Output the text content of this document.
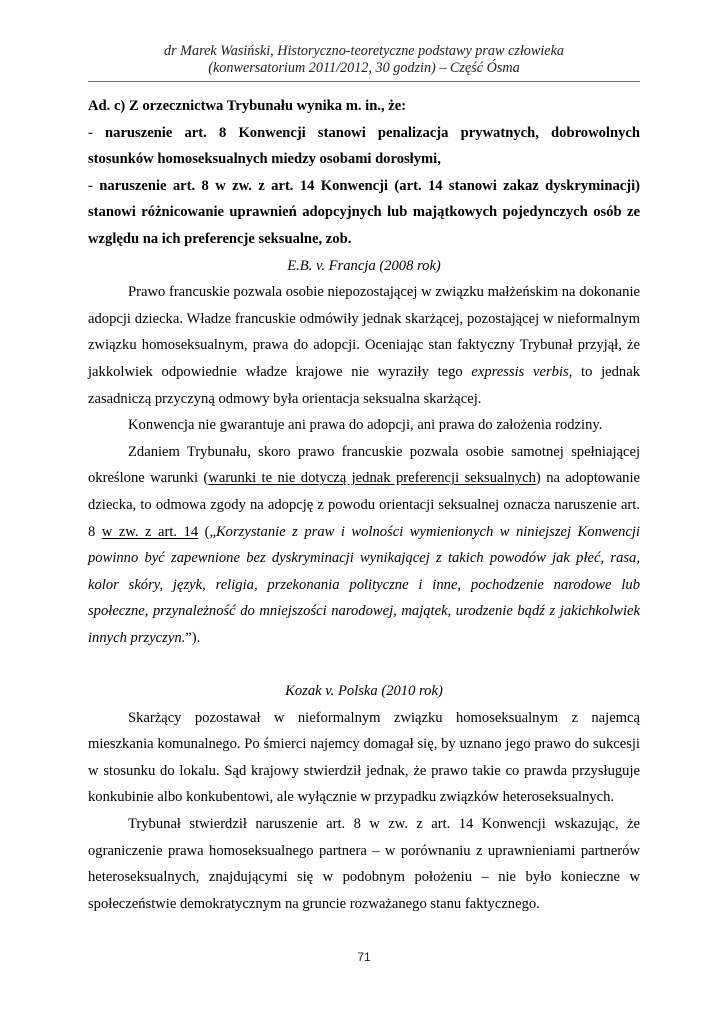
dr Marek Wasiński, Historyczno-teoretyczne podstawy praw człowieka
(konwersatorium 2011/2012, 30 godzin) – Część Ósma

Ad. c) Z orzecznictwa Trybunału wynika m. in., że:

- naruszenie art. 8 Konwencji stanowi penalizacja prywatnych, dobrowolnych stosunków homoseksualnych miedzy osobami dorosłymi,

- naruszenie art. 8 w zw. z art. 14 Konwencji (art. 14 stanowi zakaz dyskryminacji) stanowi różnicowanie uprawnień adopcyjnych lub majątkowych pojedynczych osób ze względu na ich preferencje seksualne, zob.

E.B. v. Francja (2008 rok)

Prawo francuskie pozwala osobie niepozostającej w związku małżeńskim na dokonanie adopcji dziecka. Władze francuskie odmówiły jednak skarżącej, pozostającej w nieformalnym związku homoseksualnym, prawa do adopcji. Oceniając stan faktyczny Trybunał przyjął, że jakkolwiek odpowiednie władze krajowe nie wyraziły tego expressis verbis, to jednak zasadniczą przyczyną odmowy była orientacja seksualna skarżącej.

Konwencja nie gwarantuje ani prawa do adopcji, ani prawa do założenia rodziny.

Zdaniem Trybunału, skoro prawo francuskie pozwala osobie samotnej spełniającej określone warunki (warunki te nie dotyczą jednak preferencji seksualnych) na adoptowanie dziecka, to odmowa zgody na adopcję z powodu orientacji seksualnej oznacza naruszenie art. 8 w zw. z art. 14 („Korzystanie z praw i wolności wymienionych w niniejszej Konwencji powinno być zapewnione bez dyskryminacji wynikającej z takich powodów jak płeć, rasa, kolor skóry, język, religia, przekonania polityczne i inne, pochodzenie narodowe lub społeczne, przynależność do mniejszości narodowej, majątek, urodzenie bądź z jakichkolwiek innych przyczyn.”).

Kozak v. Polska (2010 rok)

Skarżący pozostawał w nieformalnym związku homoseksualnym z najemcą mieszkania komunalnego. Po śmierci najemcy domagał się, by uznano jego prawo do sukcesji w stosunku do lokalu. Sąd krajowy stwierdził jednak, że prawo takie co prawda przysługuje konkubinie albo konkubentowi, ale wyłącznie w przypadku związków heteroseksualnych.

Trybunał stwierdził naruszenie art. 8 w zw. z art. 14 Konwencji wskazując, że ograniczenie prawa homoseksualnego partnera – w porównaniu z uprawnieniami partnerów heteroseksualnych, znajdującymi się w podobnym położeniu – nie było konieczne w społeczeństwie demokratycznym na gruncie rozważanego stanu faktycznego.

71
